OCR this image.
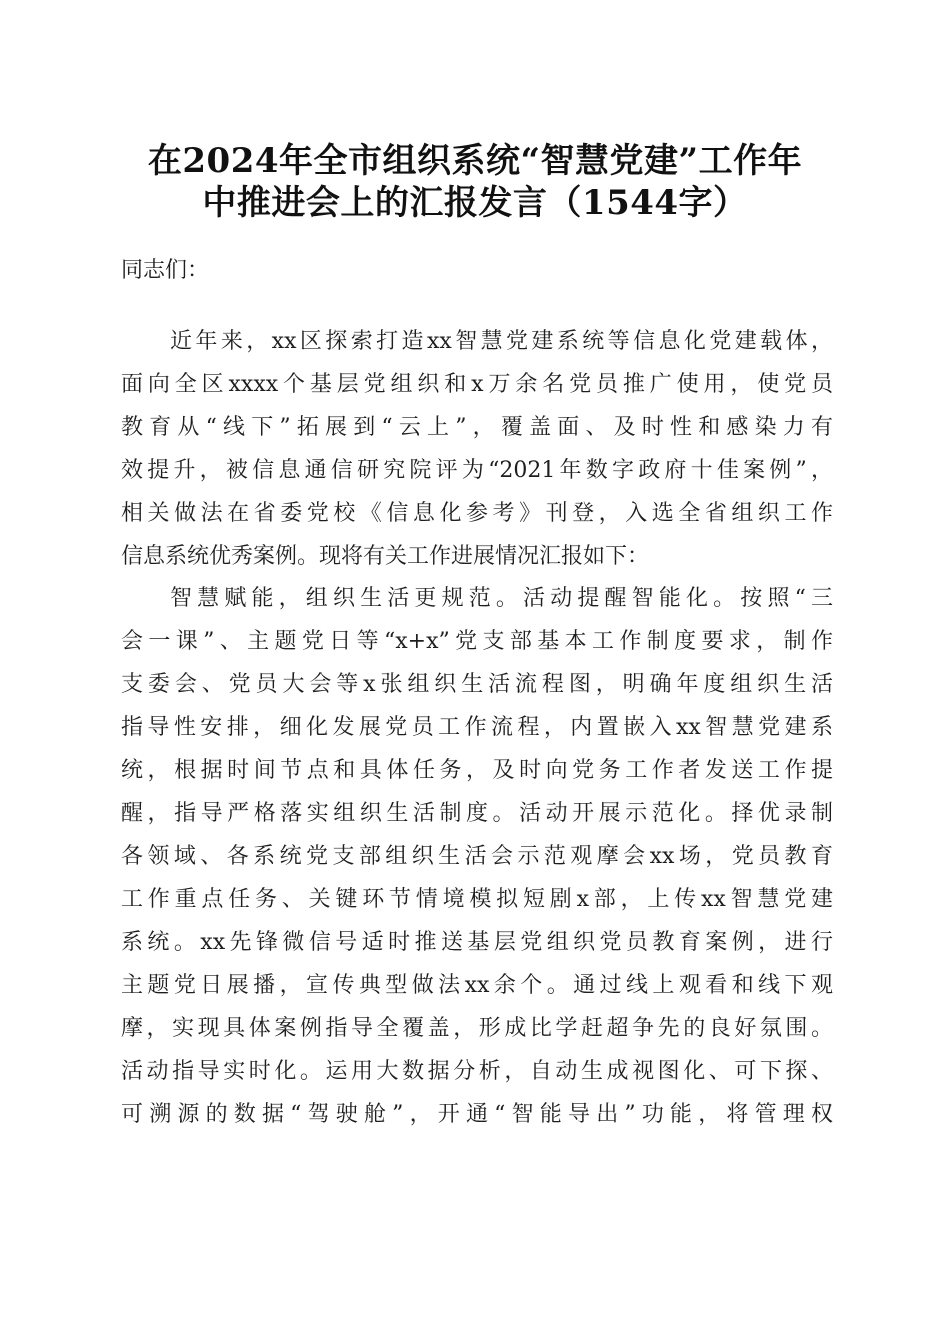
在2024年全市组织系统“智慧党建”工作年
中推进会上的汇报发言（1544字）
同志们：
近年来，xx区探索打造xx智慧党建系统等信息化党建载体，
面向全区xxxx个基层党组织和x万余名党员推广使用，使党员
教育从“线下”拓展到“云上”，覆盖面、及时性和感染力有
效提升，被信息通信研究院评为“2021年数字政府十佳案例”，
相关做法在省委党校《信息化参考》刊登，入选全省组织工作
信息系统优秀案例。现将有关工作进展情况汇报如下：
智慧赋能，组织生活更规范。活动提醒智能化。按照“三
会一课”、主题党日等“x+x”党支部基本工作制度要求，制作
支委会、党员大会等x张组织生活流程图，明确年度组织生活
指导性安排，细化发展党员工作流程，内置嵌入xx智慧党建系
统，根据时间节点和具体任务，及时向党务工作者发送工作提
醒，指导严格落实组织生活制度。活动开展示范化。择优录制
各领域、各系统党支部组织生活会示范观摩会xx场，党员教育
工作重点任务、关键环节情境模拟短剧x部，上传xx智慧党建
系统。xx先锋微信号适时推送基层党组织党员教育案例，进行
主题党日展播，宣传典型做法xx余个。通过线上观看和线下观
摩，实现具体案例指导全覆盖，形成比学赶超争先的良好氛围。
活动指导实时化。运用大数据分析，自动生成视图化、可下探、
可溯源的数据“驾驶舱”，开通“智能导出”功能，将管理权
